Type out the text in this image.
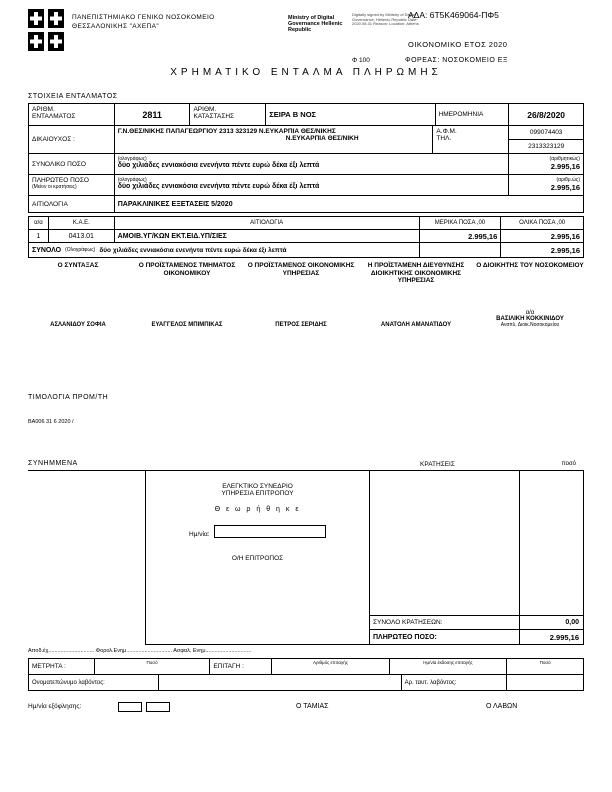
ΠΑΝΕΠΙΣΤΗΜΙΑΚΟ ΓΕΝΙΚΟ ΝΟΣΟΚΟΜΕΙΟ
ΘΕΣΣΑΛΟΝΙΚΗΣ "ΑΧΕΠΑ"
Ministry of Digital Governance Hellenic Republic
Digitally signed by Ministry of Digital Governance, Hellenic Republic Date: 2020.08.31 Reason: Location: Athens
Φ 100
ΑΔΑ: 6Τ5Κ469064-ΠΦ5
ΟΙΚΟΝΟΜΙΚΟ ΕΤΟΣ 2020
ΦΟΡΕΑΣ: ΝΟΣΟΚΟΜΕΙΟ ΕΞ
ΧΡΗΜΑΤΙΚΟ ΕΝΤΑΛΜΑ ΠΛΗΡΩΜΗΣ
ΣΤΟΙΧΕΙΑ ΕΝΤΑΛΜΑΤΟΣ
ΑΡΙΘΜ. ΕΝΤΑΛΜΑΤΟΣ	2811	ΑΡΙΘΜ. ΚΑΤΑΣΤΑΣΗΣ	ΣΕΙΡΑ Β ΝΟΣ	ΗΜΕΡΟΜΗΝΙΑ	26/8/2020
ΔΙΚΑΙΟΥΧΟΣ :
Γ.Ν.ΘΕΣ/ΝΙΚΗΣ ΠΑΠΑΓΕΩΡΓΙΟΥ 2313 323129 Ν.ΕΥΚΑΡΠΙΑ ΘΕΣ/ΝΙΚΗΣ
Ν.ΕΥΚΑΡΠΙΑ ΘΕΣ/ΝΙΚΗ
Α.Φ.Μ. ΤΗΛ.
099074403
2313323129
ΣΥΝΟΛΙΚΟ ΠΟΣΟ
(ολογράφως)
δύο χιλιάδες εννιακόσια ενενήντα πέντε ευρώ δέκα έξι λεπτά
(αριθμητικώς)
2.995,16
ΠΛΗΡΩΤΕΟ ΠΟΣΟ
(Μείον οι κρατήσεις)
(ολογράφως)
δύο χιλιάδες εννιακόσια ενενήντα πέντε ευρώ δέκα έξι λεπτά
(αριθμ.ώς)
2.995,16
ΑΙΤΙΟΛΟΓΙΑ	ΠΑΡΑΚΛΙΝΙΚΕΣ ΕΞΕΤΑΣΕΙΣ 5/2020
α/α	Κ.Α.Ε.	ΑΙΤΙΟΛΟΓΙΑ	ΜΕΡΙΚΑ ΠΟΣΑ ,00	ΟΛΙΚΑ ΠΟΣΑ ,00
1	0413.01	ΑΜΟΙΒ.ΥΓ/ΚΩΝ ΕΚΤ.ΕΙΔ.ΥΠ/ΣΙΕΣ	2.995,16	2.995,16
ΣΥΝΟΛΟ (Ολογράφως) δύο χιλιάδες εννιακόσια ενενήντα πέντε ευρώ δέκα έξι λεπτά	2.995,16
Ο ΣΥΝΤΑΞΑΣ
ΑΣΛΑΝΙΔΟΥ ΣΟΦΙΑ
Ο ΠΡΟΪΣΤΑΜΕΝΟΣ ΤΜΗΜΑΤΟΣ ΟΙΚΟΝΟΜΙΚΟΥ
ΕΥΑΓΓΕΛΟΣ ΜΠΙΜΠΙΚΑΣ
Ο ΠΡΟΪΣΤΑΜΕΝΟΣ ΟΙΚΟΝΟΜΙΚΗΣ ΥΠΗΡΕΣΙΑΣ
ΠΕΤΡΟΣ ΣΕΡΙΔΗΣ
Η ΠΡΟΪΣΤΑΜΕΝΗ ΔΙΕΥΘΥΝΣΗΣ ΔΙΟΙΚΗΤΙΚΗΣ ΟΙΚΟΝΟΜΙΚΗΣ ΥΠΗΡΕΣΙΑΣ
ΑΝΑΤΟΛΗ ΑΜΑΝΑΤΙΔΟΥ
Ο ΔΙΟΙΚΗΤΗΣ ΤΟΥ ΝΟΣΟΚΟΜΕΙΟΥ
α/α
ΒΑΣΙΛΙΚΗ ΚΟΚΚΙΝΙΔΟΥ
Αναπλ. Διοικ.Νοσοκομείου
ΤΙΜΟΛΟΓΙΑ ΠΡΟΜ/ΤΗ
ΒΑ006 31 6 2020 /
ΣΥΝΗΜΜΕΝΑ	ΚΡΑΤΗΣΕΙΣ	ποσό
ΕΛΕΓΚΤΙΚΟ ΣΥΝΕΔΡΙΟ
ΥΠΗΡΕΣΙΑ ΕΠΙΤΡΟΠΟΥ
Θ ε ω ρ ή θ η κ ε
Ημ/νία:
Ο/Η ΕΠΙΤΡΟΠΟΣ
ΣΥΝΟΛΟ ΚΡΑΤΗΣΕΩΝ:	0,00
ΠΛΗΡΩΤΕΟ ΠΟΣΟ:	2.995,16
Αποδ.έχ.............................. Φορολ.Ενημ.............................. Ασφαλ. Ενημ..............................
ΜΕΤΡΗΤΑ :
Ποσό
ΕΠΙΤΑΓΗ :
Αριθμός επιταγής	Ημ/νία έκδοσης επιταγής	Ποσό
Ονοματεπώνυμο λαβόντος:	Αρ. ταυτ. λαβόντος:
Ημ/νία εξόφλησης:	Ο ΤΑΜΙΑΣ	Ο ΛΑΒΩΝ
